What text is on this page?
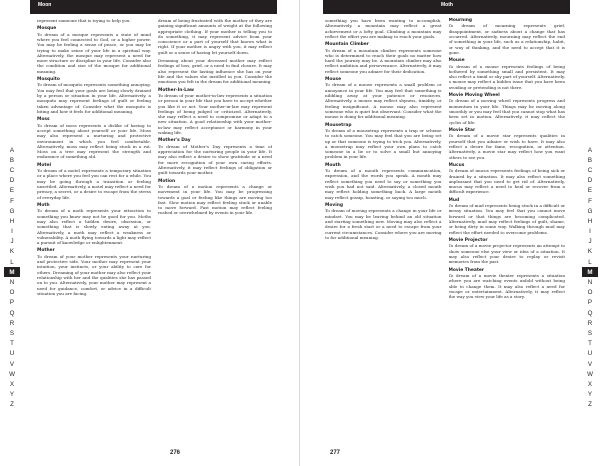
Moon

represent someone that is trying to help you.

Mosque

To dream of a mosque represents a state of mind where you feel connected to God, or a higher power. You may be feeling a sense of peace, or you may be trying to make sense of your life in a spiritual way. Alternatively, the mosque may represent a need for more structure or discipline in your life. Consider also the condition and size of the mosque for additional meaning.

Mosquito

To dream of mosquito represents something annoying. You may feel that your goals are being slowly drained by a person or situation in your life. Alternatively, a mosquito may represent feelings of guilt or feeling taken advantage of. Consider what the mosquito is biting and how it feels for additional meaning.

Moss

To dream of moss represents a dislike of having to accept something about yourself or your life. Moss may also represent a nurturing and protective environment in which you feel comfortable. Alternatively, moss may reflect being stuck in a rut. Moss on a tree may represent the strength and endurance of something old.

Motel

To dream of a motel represents a temporary situation or a place where you feel you can rest for a while. You may be going through a transition or feeling unsettled. Alternatively, a motel may reflect a need for privacy, a secret, or a desire to escape from the stress of everyday life.

Moth

To dream of a moth represents your attraction to something you know may not be good for you. Moths may also reflect a hidden desire, obsession, or something that is slowly eating away at you. Alternatively, a moth may reflect a weakness or vulnerability. A moth flying towards a light may reflect a pursuit of knowledge or enlightenment.

Mother

To dream of your mother represents your nurturing and protective side. Your mother may represent your intuition, your instincts, or your ability to care for others. Dreaming of your mother may also reflect your relationship with her and the qualities she has passed on to you. Alternatively, your mother may represent a need for guidance, comfort, or advice in a difficult situation you are facing.

dream of being frustrated with the mother of they are gaining significant amounts of weight at the following appropriate clothing. If your mother is telling you to do something, it may represent advice from your conscience or a part of yourself that knows what is right. If your mother is angry with you, it may reflect guilt or a sense of having let yourself down.

Dreaming about your deceased mother may reflect feelings of loss, grief, or a need to find closure. It may also represent the lasting influence she has on your life and the values she instilled in you. Consider the emotions you felt in the dream for additional meaning.

Mother-In-Law

To dream of your mother-in-law represents a situation or person in your life that you have to accept whether you like it or not. Your mother-in-law may represent feelings of being judged or criticized. Alternatively, she may reflect a need to compromise or adapt to a new situation. A good relationship with your mother-in-law may reflect acceptance or harmony in your waking life.

Mother's Day

To dream of Mother's Day represents a time of appreciation for the nurturing people in your life. It may also reflect a desire to show gratitude or a need for more recognition of your own caring efforts. Alternatively, it may reflect feelings of obligation or guilt towards your mother.

Motion

To dream of a motion represents a change or movement in your life. You may be progressing towards a goal or feeling like things are moving too fast. Slow motion may reflect feeling stuck or unable to move forward. Fast motion may reflect feeling rushed or overwhelmed by events in your life.

A
B
C
D
E
F
G
H
I
J
K
L
M
N
O
P
Q
R
S
T
U
V
W
X
Y
Z
276
Moth

something you have been wanting to accomplish. Alternatively, a mountain may reflect a great achievement or a lofty goal. Climbing a mountain may reflect the effort you are making to reach your goals.

Mountain Climber

To dream of a mountain climber represents someone who is determined to reach their goals no matter how hard the journey may be. A mountain climber may also reflect ambition and perseverance. Alternatively, it may reflect someone you admire for their dedication.

Mouse

To dream of a mouse represents a small problem or annoyance in your life. You may feel that something is nibbling away at your patience or resources. Alternatively, a mouse may reflect shyness, timidity, or feeling insignificant. A mouse may also represent someone who is quiet but observant. Consider what the mouse is doing for additional meaning.

Mousetrap

To dream of a mousetrap represents a trap or scheme to catch someone. You may feel that you are being set up or that someone is trying to trick you. Alternatively, a mousetrap may reflect your own plans to catch someone in a lie or to solve a small but annoying problem in your life.

Mouth

To dream of a mouth represents communication, expression, and the words you speak. A mouth may reflect something you need to say or something you wish you had not said. Alternatively, a closed mouth may reflect holding something back. A large mouth may reflect gossip, boasting, or saying too much.

Moving

To dream of moving represents a change in your life or mindset. You may be leaving behind an old situation and starting something new. Moving may also reflect a desire for a fresh start or a need to escape from your current circumstances. Consider where you are moving to for additional meaning.

Mourning

To dream of mourning represents grief, disappointment, or sadness about a change that has occurred. Alternatively, mourning may reflect the end of something in your life, such as a relationship, habit, or way of thinking, and the need to accept that it is gone.

Mouse

To dream of a mouse represents feelings of being bothered by something small and persistent. It may also reflect a timid or shy part of yourself. Alternatively, a mouse may reflect a hidden issue that you have been avoiding or pretending is not there.

Movie Moving Wheel

To dream of a moving wheel represents progress and momentum in your life. Things may be moving along smoothly or you may feel that you cannot stop what has been set in motion. Alternatively, it may reflect the cycles of life.

Movie Star

To dream of a movie star represents qualities in yourself that you admire or wish to have. It may also reflect a desire for fame, recognition, or attention. Alternatively, a movie star may reflect how you want others to see you.

Mucus

To dream of mucus represents feelings of being sick or drained by a situation. It may also reflect something unpleasant that you need to get rid of. Alternatively, mucus may reflect a need to heal or recover from a difficult experience.

Mud

To dream of mud represents being stuck in a difficult or messy situation. You may feel that you cannot move forward or that things are becoming complicated. Alternatively, mud may reflect feelings of guilt, shame, or being dirty in some way. Walking through mud may reflect the effort needed to overcome problems.

Movie Projector

To dream of a movie projector represents an attempt to show someone else your view or idea of a situation. It may also reflect your desire to replay or revisit memories from the past.

Movie Theater

To dream of a movie theater represents a situation where you are watching events unfold without being able to change them. It may also reflect a need for escape or entertainment. Alternatively, it may reflect the way you view your life as a story.

A
B
C
D
E
F
G
H
I
J
K
L
M
N
O
P
Q
R
S
T
U
V
W
X
Y
Z
277
